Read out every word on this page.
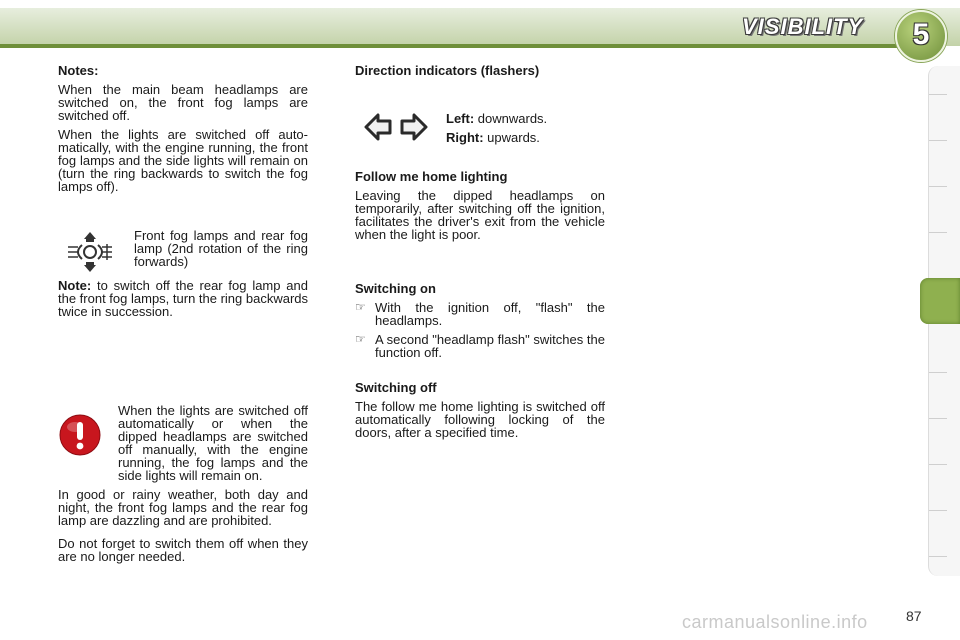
VISIBILITY	5

Notes:

When the main beam headlamps are switched on, the front fog lamps are switched off.

When the lights are switched off auto-matically, with the engine running, the front fog lamps and the side lights will remain on (turn the ring backwards to switch the fog lamps off).

Front fog lamps and rear fog lamp (2nd rotation of the ring forwards)

Note: to switch off the rear fog lamp and the front fog lamps, turn the ring backwards twice in succession.

When the lights are switched off automatically or when the dipped headlamps are switched off manually, with the engine running, the fog lamps and the side lights will remain on.

In good or rainy weather, both day and night, the front fog lamps and the rear fog lamp are dazzling and are prohibited.

Do not forget to switch them off when they are no longer needed.

Direction indicators (flashers)

Left: downwards.

Right: upwards.

Follow me home lighting

Leaving the dipped headlamps on temporarily, after switching off the ignition, facilitates the driver's exit from the vehicle when the light is poor.

Switching on

☞ With the ignition off, "flash" the headlamps.
☞ A second "headlamp flash" switches the function off.

Switching off

The follow me home lighting is switched off automatically following locking of the doors, after a specified time.

carmanualsonline.info	87
